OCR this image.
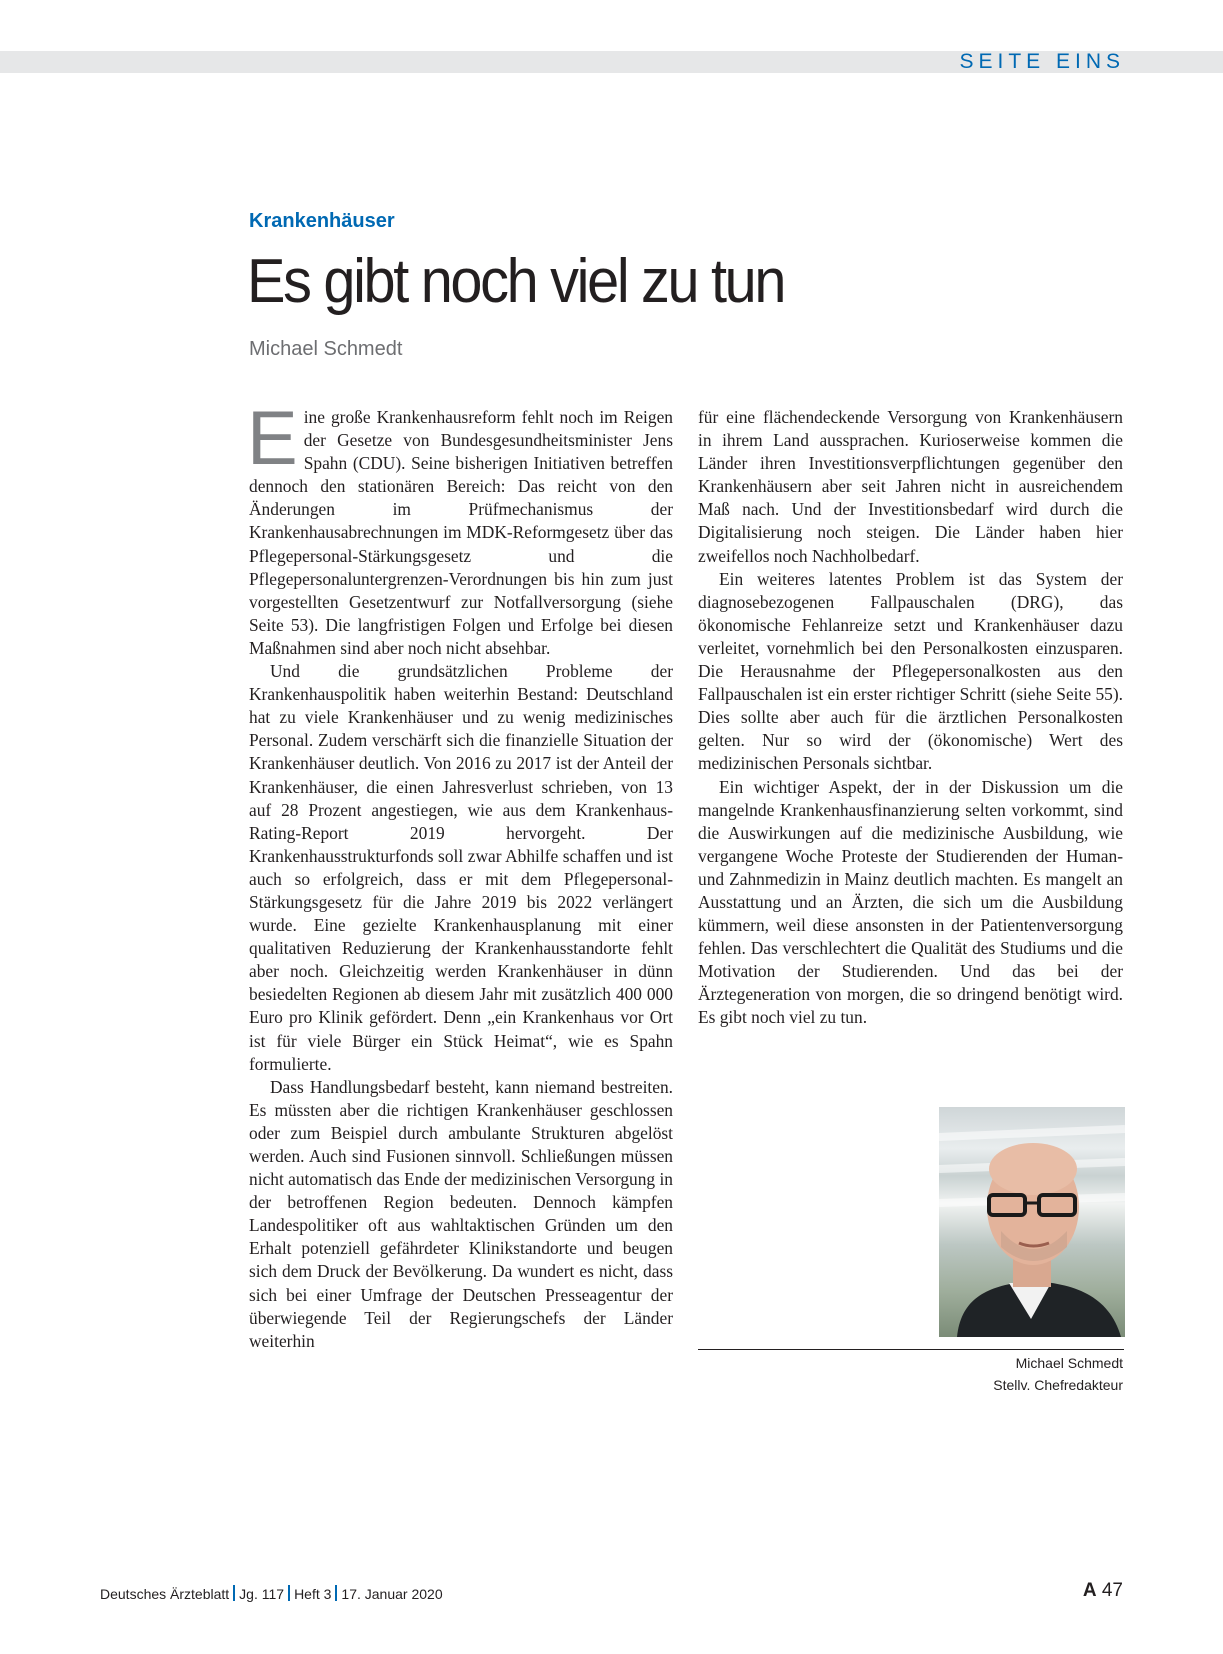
SEITE EINS
Krankenhäuser
Es gibt noch viel zu tun
Michael Schmedt

Eine große Krankenhausreform fehlt noch im Reigen der Gesetze von Bundesgesundheitsminister Jens Spahn (CDU). Seine bisherigen Initiativen betreffen dennoch den stationären Bereich: Das reicht von den Änderungen im Prüfmechanismus der Krankenhausabrechnungen im MDK-Reformgesetz über das Pflegepersonal-Stärkungsgesetz und die Pflegepersonaluntergrenzen-Verordnungen bis hin zum just vorgestellten Gesetzentwurf zur Notfallversorgung (siehe Seite 53). Die langfristigen Folgen und Erfolge bei diesen Maßnahmen sind aber noch nicht absehbar.

Und die grundsätzlichen Probleme der Krankenhauspolitik haben weiterhin Bestand: Deutschland hat zu viele Krankenhäuser und zu wenig medizinisches Personal. Zudem verschärft sich die finanzielle Situation der Krankenhäuser deutlich. Von 2016 zu 2017 ist der Anteil der Krankenhäuser, die einen Jahresverlust schrieben, von 13 auf 28 Prozent angestiegen, wie aus dem Krankenhaus-Rating-Report 2019 hervorgeht. Der Krankenhausstrukturfonds soll zwar Abhilfe schaffen und ist auch so erfolgreich, dass er mit dem Pflegepersonal-Stärkungsgesetz für die Jahre 2019 bis 2022 verlängert wurde. Eine gezielte Krankenhausplanung mit einer qualitativen Reduzierung der Krankenhausstandorte fehlt aber noch. Gleichzeitig werden Krankenhäuser in dünn besiedelten Regionen ab diesem Jahr mit zusätzlich 400 000 Euro pro Klinik gefördert. Denn „ein Krankenhaus vor Ort ist für viele Bürger ein Stück Heimat“, wie es Spahn formulierte.

Dass Handlungsbedarf besteht, kann niemand bestreiten. Es müssten aber die richtigen Krankenhäuser geschlossen oder zum Beispiel durch ambulante Strukturen abgelöst werden. Auch sind Fusionen sinnvoll. Schließungen müssen nicht automatisch das Ende der medizinischen Versorgung in der betroffenen Region bedeuten. Dennoch kämpfen Landespolitiker oft aus wahltaktischen Gründen um den Erhalt potenziell gefährdeter Klinikstandorte und beugen sich dem Druck der Bevölkerung. Da wundert es nicht, dass sich bei einer Umfrage der Deutschen Presseagentur der überwiegende Teil der Regierungschefs der Länder weiterhin

für eine flächendeckende Versorgung von Krankenhäusern in ihrem Land aussprachen. Kurioserweise kommen die Länder ihren Investitionsverpflichtungen gegenüber den Krankenhäusern aber seit Jahren nicht in ausreichendem Maß nach. Und der Investitionsbedarf wird durch die Digitalisierung noch steigen. Die Länder haben hier zweifellos noch Nachholbedarf.

Ein weiteres latentes Problem ist das System der diagnosebezogenen Fallpauschalen (DRG), das ökonomische Fehlanreize setzt und Krankenhäuser dazu verleitet, vornehmlich bei den Personalkosten einzusparen. Die Herausnahme der Pflegepersonalkosten aus den Fallpauschalen ist ein erster richtiger Schritt (siehe Seite 55). Dies sollte aber auch für die ärztlichen Personalkosten gelten. Nur so wird der (ökonomische) Wert des medizinischen Personals sichtbar.

Ein wichtiger Aspekt, der in der Diskussion um die mangelnde Krankenhausfinanzierung selten vorkommt, sind die Auswirkungen auf die medizinische Ausbildung, wie vergangene Woche Proteste der Studierenden der Human- und Zahnmedizin in Mainz deutlich machten. Es mangelt an Ausstattung und an Ärzten, die sich um die Ausbildung kümmern, weil diese ansonsten in der Patientenversorgung fehlen. Das verschlechtert die Qualität des Studiums und die Motivation der Studierenden. Und das bei der Ärztegeneration von morgen, die so dringend benötigt wird. Es gibt noch viel zu tun.

Michael Schmedt
Stellv. Chefredakteur
Deutsches Ärzteblatt Jg. 117 Heft 3 17. Januar 2020	A 47
